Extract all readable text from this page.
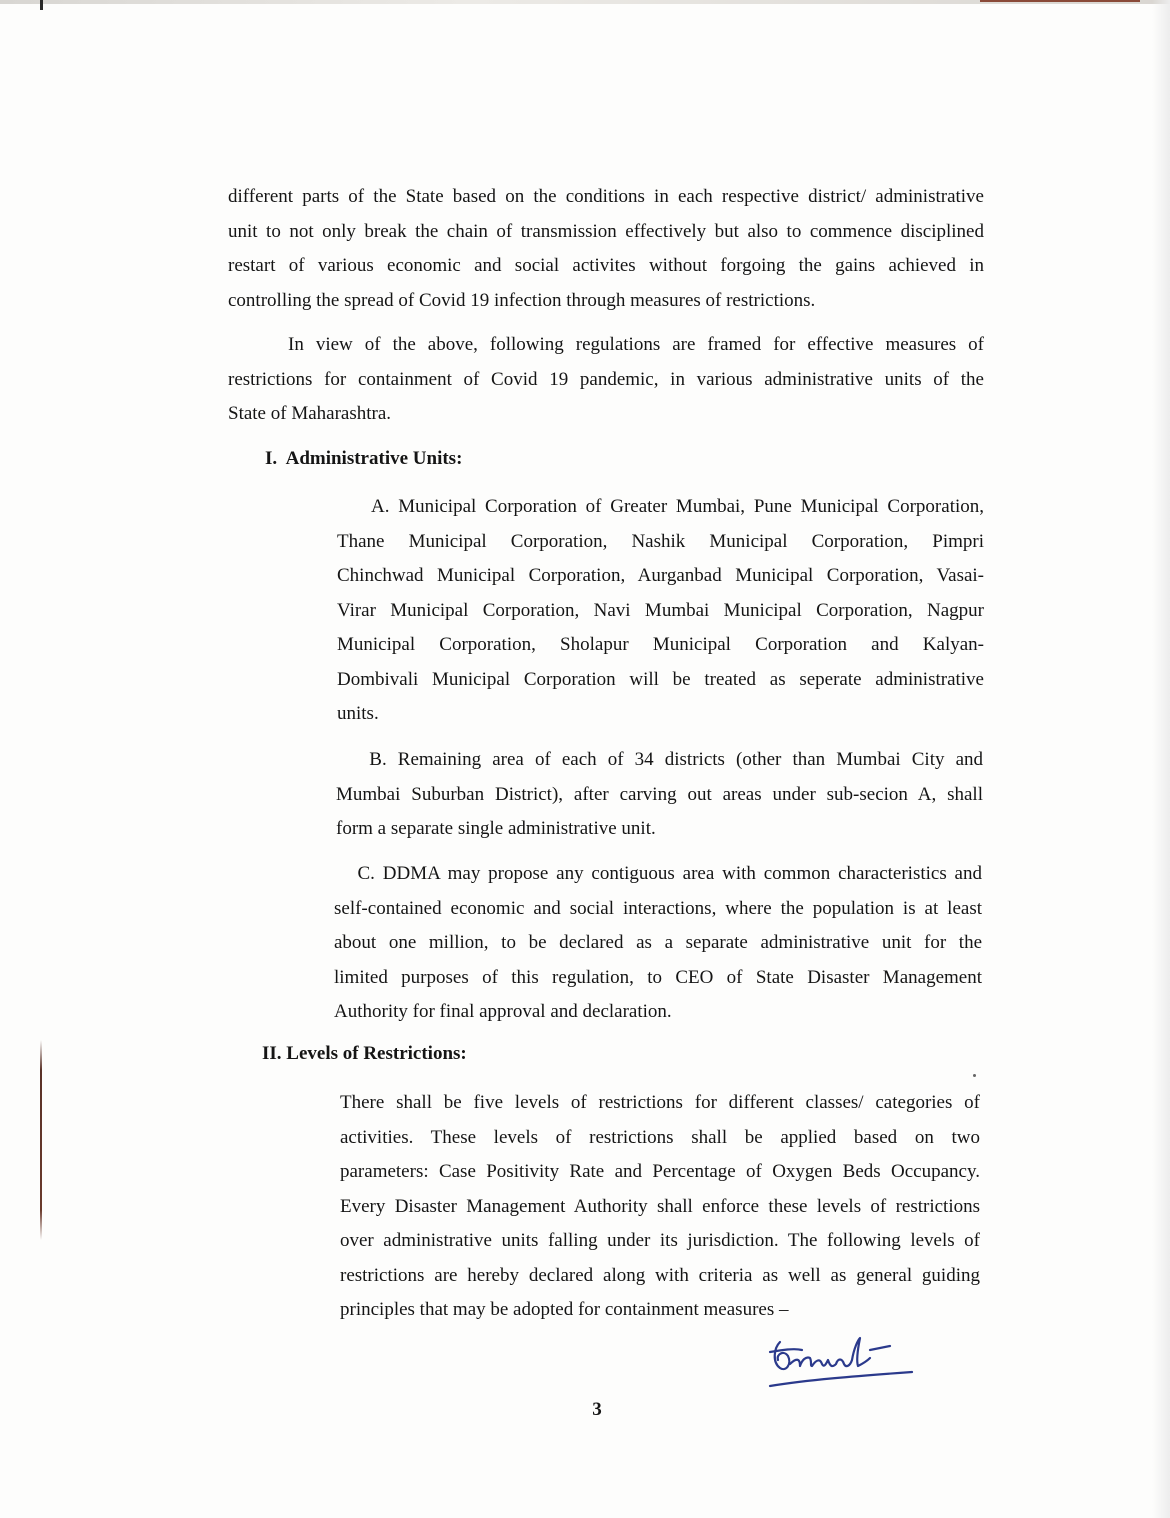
different parts of the State based on the conditions in each respective district/ administrative
unit to not only break the chain of transmission effectively but also to commence disciplined
restart of various economic and social activites without forgoing the gains achieved in
controlling the spread of Covid 19 infection through measures of restrictions.
In view of the above, following regulations are framed for effective measures of
restrictions for containment of Covid 19 pandemic, in various administrative units of the
State of Maharashtra.
I.  Administrative Units:
A. Municipal Corporation of Greater Mumbai, Pune Municipal Corporation,
Thane Municipal Corporation, Nashik Municipal Corporation, Pimpri
Chinchwad Municipal Corporation, Aurganbad Municipal Corporation, Vasai-
Virar Municipal Corporation, Navi Mumbai Municipal Corporation, Nagpur
Municipal Corporation, Sholapur Municipal Corporation and Kalyan-
Dombivali Municipal Corporation will be treated as seperate administrative
units.
B. Remaining area of each of 34 districts (other than Mumbai City and
Mumbai Suburban District), after carving out areas under sub-secion A, shall
form a separate single administrative unit.
C. DDMA may propose any contiguous area with common characteristics and
self-contained economic and social interactions, where the population is at least
about one million, to be declared as a separate administrative unit for the
limited purposes of this regulation, to CEO of State Disaster Management
Authority for final approval and declaration.
II. Levels of Restrictions:
There shall be five levels of restrictions for different classes/ categories of
activities. These levels of restrictions shall be applied based on two
parameters: Case Positivity Rate and Percentage of Oxygen Beds Occupancy.
Every Disaster Management Authority shall enforce these levels of restrictions
over administrative units falling under its jurisdiction. The following levels of
restrictions are hereby declared along with criteria as well as general guiding
principles that may be adopted for containment measures –
3
